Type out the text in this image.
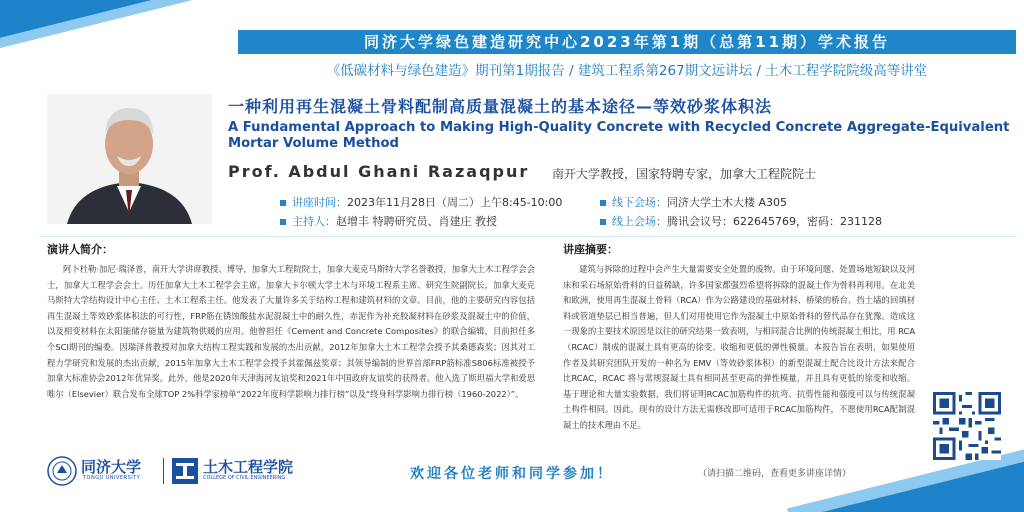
同济大学绿色建造研究中心2023年第1期（总第11期）学术报告
《低碳材料与绿色建造》期刊第1期报告 / 建筑工程系第267期文远讲坛 / 土木工程学院院级高等讲堂
一种利用再生混凝土骨料配制高质量混凝土的基本途径—等效砂浆体积法
A Fundamental Approach to Making High-Quality Concrete with Recycled Concrete Aggregate-Equivalent Mortar Volume Method
Prof. Abdul Ghani Razaqpur 南开大学教授，国家特聘专家，加拿大工程院院士
讲座时间：2023年11月28日（周二）上午8:45-10:00	线下会场：同济大学土木大楼 A305
主持人：赵增丰 特聘研究员、肖建庄 教授	线上会场：腾讯会议号：622645769，密码：231128
演讲人简介：
阿卜杜勒·加尼·瑞泽普，南开大学讲席教授、博导，加拿大工程院院士，加拿大麦克马斯特大学名誉教授，加拿大土木工程学会会士，加拿大工程学会会士。历任加拿大土木工程学会主席，加拿大卡尔顿大学土木与环境工程系主席、研究生院副院长，加拿大麦克马斯特大学结构设计中心主任、土木工程系主任。他发表了大量许多关于结构工程和建筑材料的文章。目前，他的主要研究内容包括再生混凝土等效砂浆体积法的可行性，FRP筋在锈蚀酸盐水泥混凝土中的耐久性，赤泥作为补充胶凝材料在砂浆及混凝土中的价值，以及相变材料在太阳能储存能量为建筑物供暖的应用。他曾担任《Cement and Concrete Composites》的联合编辑，目前担任多个SCI期刊的编委。因瑞泽普教授对加拿大结构工程实践和发展的杰出贡献，2012年加拿大土木工程学会授予其桑德森奖；因其对工程力学研究和发展的杰出贡献，2015年加拿大土木工程学会授予其霍佩兹奖章；其领导编制的世界首部FRP筋标准S806标准被授予加拿大标准协会2012年优异奖。此外，他是2020年天津海河友谊奖和2021年中国政府友谊奖的获得者。他入选了斯坦福大学和爱思唯尔（Elsevier）联合发布全球TOP 2%科学家榜单“2022年度科学影响力排行榜”以及“终身科学影响力排行榜（1960-2022）”。
讲座摘要：
建筑与拆除的过程中会产生大量需要安全处置的废物。由于环境问题、处置场地短缺以及河床和采石场原始骨料的日益稀缺，许多国家都强烈希望将拆除的混凝土作为骨料再利用。在北美和欧洲，使用再生混凝土骨料（RCA）作为公路建设的基础材料、桥梁的桥台、挡土墙的回填材料或管道垫层已相当普遍，但人们对用使用它作为混凝土中原始骨料的替代品存在犹豫。造成这一现象的主要技术原因是以往的研究结果一致表明，与相同混合比例的传统混凝土相比，用 RCA（RCAC）制成的混凝土具有更高的徐变、收缩和更低的弹性模量。本报告旨在表明，如果使用作者及其研究团队开发的一种名为 EMV（等效砂浆体积）的新型混凝土配合比设计方法来配合比RCAC，RCAC 将与常规混凝土具有相同甚至更高的弹性模量，并且具有更低的徐变和收缩。基于理论和大量实验数据，我们将证明RCAC加筋构件的抗弯、抗剪性能和强度可以与传统混凝土构件相同。因此，现有的设计方法无需修改即可适用于RCAC加筋构件，不愿使用RCA配制混凝土的技术理由不足。
同济大学
TONGJI UNIVERSITY
土木工程学院
COLLEGE OF CIVIL ENGINEERING	欢迎各位老师和同学参加！	（请扫描二维码，查看更多讲座详情）
